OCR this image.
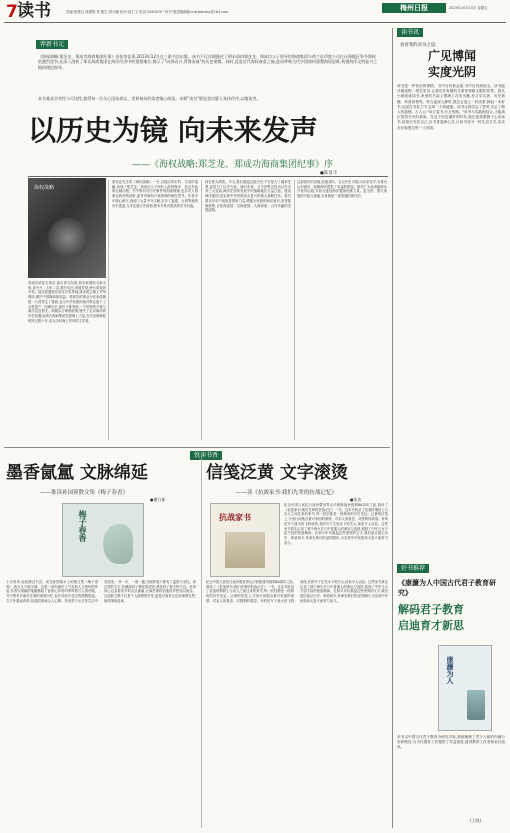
7 读书	责编:蔡燕良 林德锡 美 甄生,钟天鹏 校对:高仁文 电话:2260079 "读书"版投稿邮箱:mzrbdushu@163.com	梅州日报	2025年10月10日 星期五
荐新书元
《海权战略:郑芝龙、郑成功海商集团纪事》由张培忠著,2013年12月在三联书店出版。该书不仅详细描述了明末清初郑芝龙、郑成功父子领导的海商集团与荷兰东印度公司在台海地区争夺海权的激烈竞争,还深入剖析了郑氏海商集团在海洋经济中的重要地位,揭示了"向海而兴,背海而衰"的历史逻辑。同时,反思近代海权衰落之痛,进而呼唤当代中国如何重塑海权思维,构建海洋文明复兴之路的理论指导。
本书兼具学术性与可读性,值得每一位关心国家命运、世界格局的读者细心阅读。本期"读书"版选登出版人张伟作序,以飨读者。
以历史为镜 向未来发声
——《海权战略:郑芝龙、郑成功海商集团纪事》序
●陈显丰
海权战略
郑成功收复台湾后,改台湾为东都,将赤嵌城改为承天府,设天兴、万年二县,推行屯田,发展贸易,使台湾得到开发。他还派遣使臣前往吕宋等地,谋求建立海上贸易网络,维护中国海商的权益。郑成功的事业为后来清朝统一台湾奠定了基础,也为中华民族的海洋事业留下了宝贵遗产。回顾历史,我们不难发现,一个国家的兴衰与海洋息息相关。明朝实行海禁政策,错失了走向海洋的历史机遇;而郑氏海商集团凭借海上力量,在东亚海域叱咤风云数十年,成为当时海上贸易的主导者。
张培忠先生的《海权战略》一书,以翔实的史料、生动的笔触,再现了郑芝龙、郑成功父子两代人经营海洋、抗击外敌的壮阔历程。书中既有对历史事件的细致梳理,也有对人物命运的深刻剖析,更有对海权兴衰规律的理性思考。作者多年潜心研究,查阅了大量中外文献,走访了福建、台湾等地的历史遗迹,力求还原历史真相,使本书具有很高的学术价值。
读史使人明智。今天,我们重温这段历史,不仅是为了缅怀先贤,更是为了以史为鉴、面向未来。当今世界正经历百年未有之大变局,海洋在国家发展中的战略地位日益凸显。建设海洋强国,是实现中华民族伟大复兴的重大战略任务。我们要从历史中汲取智慧和力量,增强全民族的海洋意识,坚持陆海统筹,走依海富国、以海强国、人海和谐、合作共赢的发展道路。
这部著作的出版,恰逢其时。它以历史为镜,向未来发声,为我们认识海洋、经略海洋提供了有益的借鉴。相信广大读者能够从中获得启迪,共同为建设海洋强国贡献力量。是为序。郑氏家族的兴起与衰落,本身就是一部浓缩的海洋史。
读书讯
看看我的读书之道:
广见博闻
实度光阴
读书是一件快乐的事情。书中自有黄金屋,书中自有颜如玉。读书能开阔视野、增长见识,让我们在有限的生命里领略无限的风景。我从小就喜欢读书,家里的书架上摆满了各类书籍,有文学名著、历史典籍、科普读物等。每当夜深人静时,我总会泡上一杯清茶,捧起一本好书,沉浸在书香之中,忘却一天的疲惫。读书让我学会了思考,学会了做人的道理。古人云:"读万卷书,行万里路。"读书与实践相结合,才能真正领悟书中的真谛。在这个信息爆炸的时代,我们更需要静下心来读书,用知识充实自己,以书香滋养心灵,让读书成为一种生活方式,实实在在地度过每一寸光阴。
好书推荐
《康濂为人中国古代君子教育研究》
解码君子教育
启迪育才新思
康濂为人
本书以中国古代君子教育为研究对象,系统梳理了君子人格的内涵与培养路径,为当代德育工作提供了有益借鉴,值得教育工作者和家长阅读。
(王晓)
悦读书香
墨香氤氲 文脉绵延
——推读孙国蓉散文集《梅子春香》
●谢日新
梅子春香
十月的风,轻轻拂过书页。读完孙国蓉女士的散文集《梅子春香》,我久久不能平静。这是一部充满乡土气息和人文情怀的作品,作者以细腻的笔触描绘了客家山乡的四季风物与人情冷暖。书中既有对童年往事的深情回忆,也有对故乡变迁的感慨思索。文字朴素而真挚,如涓涓细流沁人心脾。作者善于从日常生活中发现美,一草一木、一饭一蔬,在她的笔下都有了温度与灵性。读这样的文字,仿佛闻到了梅花的清香,感受到了春天的气息。作者用心记录着家乡的点点滴滴,让那些即将消逝的乡愁得以留存。这部散文集不仅是个人情感的抒发,更是对客家文化的深情礼赞,值得细细品读。
信笺泛黄 文字滚烫
——读《抗战家书:我们先辈的抗战记忆》
●张庆
抗战家书
纪念中国人民抗日战争暨世界反法西斯战争胜利80周年之际,我读了《抗战家书:我们先辈的抗战记忆》一书。这本书收录了抗战时期将士与亲人之间往来的家书,每一封信都是一段珍贵的历史见证。泛黄的信笺上,字里行间饱含着对家国的深情、对亲人的眷恋、对胜利的渴望。有的信写于战火纷飞的前线,有的写于生死未卜的关头,读来令人动容。这些家书真实记录了那个烽火岁月中普通人的命运与选择,展现了中华儿女不屈不挠的民族精神。在和平年代重温这些滚烫的文字,我们更应铭记历史、珍爱和平,传承先辈们的爱国情怀,为实现中华民族伟大复兴而努力奋斗。
纪念中国人民抗日战争暨世界反法西斯战争胜利80周年之际,我读了《抗战家书:我们先辈的抗战记忆》一书。这本书收录了抗战时期将士与亲人之间往来的家书,每一封信都是一段珍贵的历史见证。泛黄的信笺上,字里行间饱含着对家国的深情、对亲人的眷恋、对胜利的渴望。有的信写于战火纷飞的前线,有的写于生死未卜的关头,读来令人动容。这些家书真实记录了那个烽火岁月中普通人的命运与选择,展现了中华儿女不屈不挠的民族精神。在和平年代重温这些滚烫的文字,我们更应铭记历史、珍爱和平,传承先辈们的爱国情怀,为实现中华民族伟大复兴而努力奋斗。
